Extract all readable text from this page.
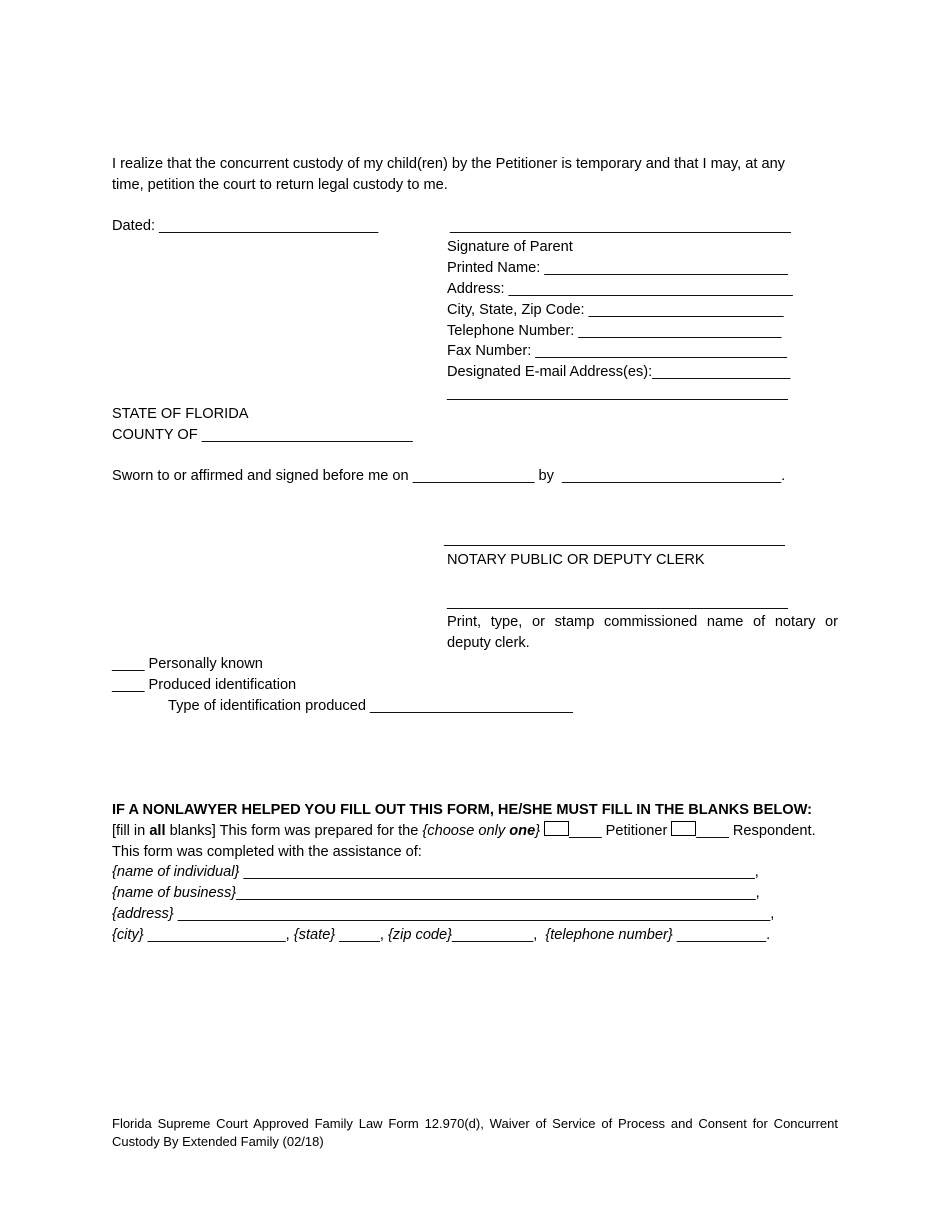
I realize that the concurrent custody of my child(ren) by the Petitioner is temporary and that I may, at any
time, petition the court to return legal custody to me.
Dated: ___________________________	__________________________________________
Signature of Parent
Printed Name: ______________________________
Address: ___________________________________
City, State, Zip Code: ________________________
Telephone Number: _________________________
Fax Number: _______________________________
Designated E-mail Address(es):_________________
__________________________________________
STATE OF FLORIDA
COUNTY OF __________________________
Sworn to or affirmed and signed before me on _______________ by  ___________________________.
__________________________________________
NOTARY PUBLIC OR DEPUTY CLERK
__________________________________________
Print, type, or stamp commissioned name of notary or deputy clerk.
____ Personally known
____ Produced identification
Type of identification produced _________________________
IF A NONLAWYER HELPED YOU FILL OUT THIS FORM, HE/SHE MUST FILL IN THE BLANKS BELOW:
[fill in all blanks] This form was prepared for the {choose only one} ____ Petitioner ____ Respondent.
This form was completed with the assistance of:
{name of individual} _______________________________________________________________,
{name of business}________________________________________________________________,
{address} _________________________________________________________________________,
{city} _________________, {state} _____, {zip code}__________,  {telephone number} ___________.
Florida Supreme Court Approved Family Law Form 12.970(d), Waiver of Service of Process and Consent for Concurrent Custody By Extended Family (02/18)
